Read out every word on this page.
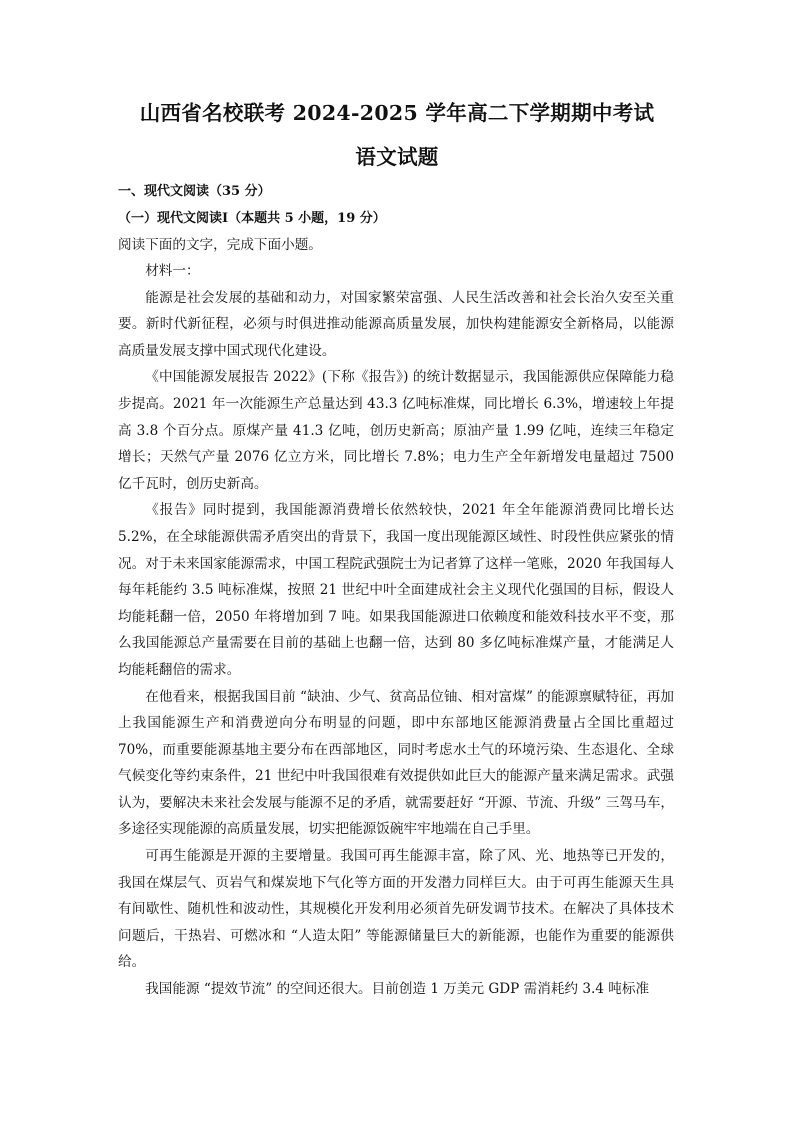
山西省名校联考 2024-2025 学年高二下学期期中考试
语文试题
一、现代文阅读（35 分）
（一）现代文阅读Ⅰ（本题共 5 小题，19 分）
阅读下面的文字，完成下面小题。

材料一：

能源是社会发展的基础和动力，对国家繁荣富强、人民生活改善和社会长治久安至关重要。新时代新征程，必须与时俱进推动能源高质量发展，加快构建能源安全新格局，以能源高质量发展支撑中国式现代化建设。

《中国能源发展报告 2022》(下称《报告》) 的统计数据显示，我国能源供应保障能力稳步提高。2021 年一次能源生产总量达到 43.3 亿吨标准煤，同比增长 6.3%，增速较上年提高 3.8 个百分点。原煤产量 41.3 亿吨，创历史新高；原油产量 1.99 亿吨，连续三年稳定增长；天然气产量 2076 亿立方米，同比增长 7.8%；电力生产全年新增发电量超过 7500 亿千瓦时，创历史新高。

《报告》同时提到，我国能源消费增长依然较快，2021 年全年能源消费同比增长达 5.2%，在全球能源供需矛盾突出的背景下，我国一度出现能源区域性、时段性供应紧张的情况。对于未来国家能源需求，中国工程院武强院士为记者算了这样一笔账，2020 年我国每人每年耗能约 3.5 吨标准煤，按照 21 世纪中叶全面建成社会主义现代化强国的目标，假设人均能耗翻一倍，2050 年将增加到 7 吨。如果我国能源进口依赖度和能效科技水平不变，那么我国能源总产量需要在目前的基础上也翻一倍，达到 80 多亿吨标准煤产量，才能满足人均能耗翻倍的需求。

在他看来，根据我国目前 “缺油、少气、贫高品位铀、相对富煤” 的能源禀赋特征，再加上我国能源生产和消费逆向分布明显的问题，即中东部地区能源消费量占全国比重超过 70%，而重要能源基地主要分布在西部地区，同时考虑水土气的环境污染、生态退化、全球气候变化等约束条件，21 世纪中叶我国很难有效提供如此巨大的能源产量来满足需求。武强认为，要解决未来社会发展与能源不足的矛盾，就需要赶好 “开源、节流、升级” 三驾马车，多途径实现能源的高质量发展，切实把能源饭碗牢牢地端在自己手里。

可再生能源是开源的主要增量。我国可再生能源丰富，除了风、光、地热等已开发的，我国在煤层气、页岩气和煤炭地下气化等方面的开发潜力同样巨大。由于可再生能源天生具有间歇性、随机性和波动性，其规模化开发利用必须首先研发调节技术。在解决了具体技术问题后，干热岩、可燃冰和 “人造太阳” 等能源储量巨大的新能源，也能作为重要的能源供给。

我国能源 “提效节流” 的空间还很大。目前创造 1 万美元 GDP 需消耗约 3.4 吨标准
